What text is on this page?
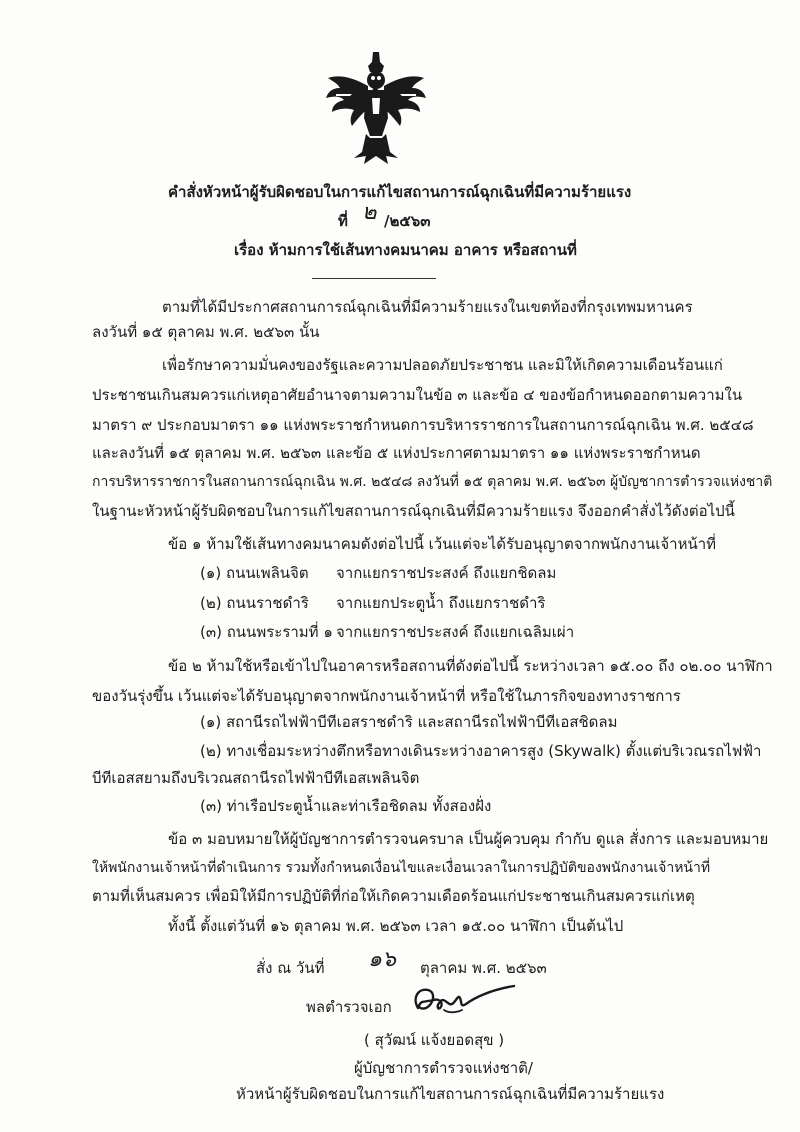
คำสั่งหัวหน้าผู้รับผิดชอบในการแก้ไขสถานการณ์ฉุกเฉินที่มีความร้ายแรง
ที่ ๒ /๒๕๖๓
เรื่อง ห้ามการใช้เส้นทางคมนาคม อาคาร หรือสถานที่
ตามที่ได้มีประกาศสถานการณ์ฉุกเฉินที่มีความร้ายแรงในเขตท้องที่กรุงเทพมหานคร
ลงวันที่ ๑๕ ตุลาคม พ.ศ. ๒๕๖๓ นั้น
เพื่อรักษาความมั่นคงของรัฐและความปลอดภัยประชาชน และมิให้เกิดความเดือนร้อนแก่
ประชาชนเกินสมควรแก่เหตุอาศัยอำนาจตามความในข้อ ๓ และข้อ ๔ ของข้อกำหนดออกตามความใน
มาตรา ๙ ประกอบมาตรา ๑๑ แห่งพระราชกำหนดการบริหารราชการในสถานการณ์ฉุกเฉิน พ.ศ. ๒๕๔๘
และลงวันที่ ๑๕ ตุลาคม พ.ศ. ๒๕๖๓ และข้อ ๕ แห่งประกาศตามมาตรา ๑๑ แห่งพระราชกำหนด
การบริหารราชการในสถานการณ์ฉุกเฉิน พ.ศ. ๒๕๔๘ ลงวันที่ ๑๕ ตุลาคม พ.ศ. ๒๕๖๓ ผู้บัญชาการตำรวจแห่งชาติ
ในฐานะหัวหน้าผู้รับผิดชอบในการแก้ไขสถานการณ์ฉุกเฉินที่มีความร้ายแรง จึงออกคำสั่งไว้ดังต่อไปนี้
ข้อ ๑ ห้ามใช้เส้นทางคมนาคมดังต่อไปนี้ เว้นแต่จะได้รับอนุญาตจากพนักงานเจ้าหน้าที่
(๑) ถนนเพลินจิต จากแยกราชประสงค์ ถึงแยกชิดลม
(๒) ถนนราชดำริ จากแยกประตูน้ำ ถึงแยกราชดำริ
(๓) ถนนพระรามที่ ๑ จากแยกราชประสงค์ ถึงแยกเฉลิมเผ่า
ข้อ ๒ ห้ามใช้หรือเข้าไปในอาคารหรือสถานที่ดังต่อไปนี้ ระหว่างเวลา ๑๕.๐๐ ถึง ๐๒.๐๐ นาฬิกา
ของวันรุ่งขึ้น เว้นแต่จะได้รับอนุญาตจากพนักงานเจ้าหน้าที่ หรือใช้ในภารกิจของทางราชการ
(๑) สถานีรถไฟฟ้าบีทีเอสราชดำริ และสถานีรถไฟฟ้าบีทีเอสชิดลม
(๒) ทางเชื่อมระหว่างตึกหรือทางเดินระหว่างอาคารสูง (Skywalk) ตั้งแต่บริเวณรถไฟฟ้า
บีทีเอสสยามถึงบริเวณสถานีรถไฟฟ้าบีทีเอสเพลินจิต
(๓) ท่าเรือประตูน้ำและท่าเรือชิดลม ทั้งสองฝั่ง
ข้อ ๓ มอบหมายให้ผู้บัญชาการตำรวจนครบาล เป็นผู้ควบคุม กำกับ ดูแล สั่งการ และมอบหมาย
ให้พนักงานเจ้าหน้าที่ดำเนินการ รวมทั้งกำหนดเงื่อนไขและเงื่อนเวลาในการปฏิบัติของพนักงานเจ้าหน้าที่
ตามที่เห็นสมควร เพื่อมิให้มีการปฏิบัติที่ก่อให้เกิดความเดือดร้อนแก่ประชาชนเกินสมควรแก่เหตุ
ทั้งนี้ ตั้งแต่วันที่ ๑๖ ตุลาคม พ.ศ. ๒๕๖๓ เวลา ๑๕.๐๐ นาฬิกา เป็นต้นไป
สั่ง ณ วันที่ ๑๖ ตุลาคม พ.ศ. ๒๕๖๓
พลตำรวจเอก
( สุวัฒน์ แจ้งยอดสุข )
ผู้บัญชาการตำรวจแห่งชาติ/
หัวหน้าผู้รับผิดชอบในการแก้ไขสถานการณ์ฉุกเฉินที่มีความร้ายแรง
